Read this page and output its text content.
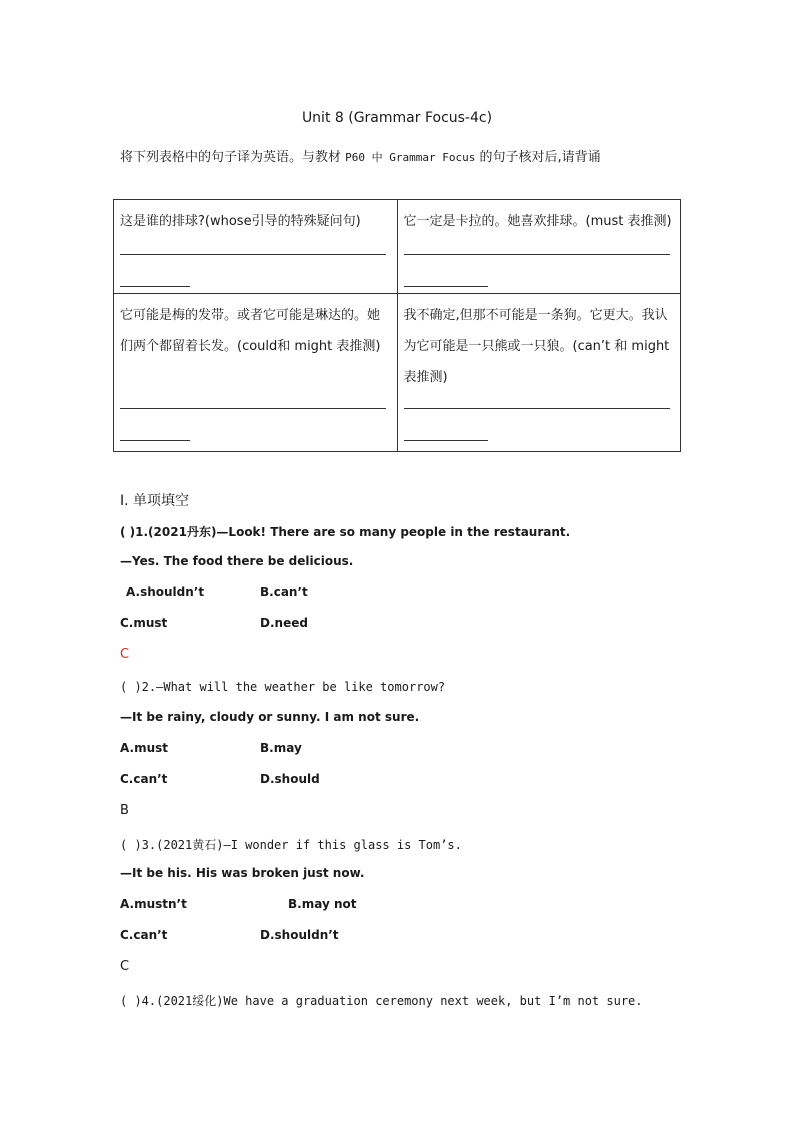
Unit 8 (Grammar Focus-4c)
将下列表格中的句子译为英语。与教材 P60 中 Grammar Focus 的句子核对后,请背诵
这是谁的排球?(whose引导的特殊疑问句)	它一定是卡拉的。她喜欢排球。(must 表推测)

它可能是梅的发带。或者它可能是琳达的。她们两个都留着长发。(could和 might 表推测)	我不确定,但那不可能是一条狗。它更大。我认为它可能是一只熊或一只狼。(can’t 和 might 表推测)
Ⅰ. 单项填空
( )1.(2021丹东)—Look! There are so many people in the restaurant.
—Yes. The food there be delicious.
A.shouldn’t	B.can’t
C.must	D.need
C
( )2.—What will the weather be like tomorrow?
—It be rainy, cloudy or sunny. I am not sure.
A.must	B.may
C.can’t	D.should
B
( )3.(2021黄石)—I wonder if this glass is Tom’s.
—It be his. His was broken just now.
A.mustn’t	B.may not
C.can’t	D.shouldn’t
C
( )4.(2021绥化)We have a graduation ceremony next week, but I’m not sure.
